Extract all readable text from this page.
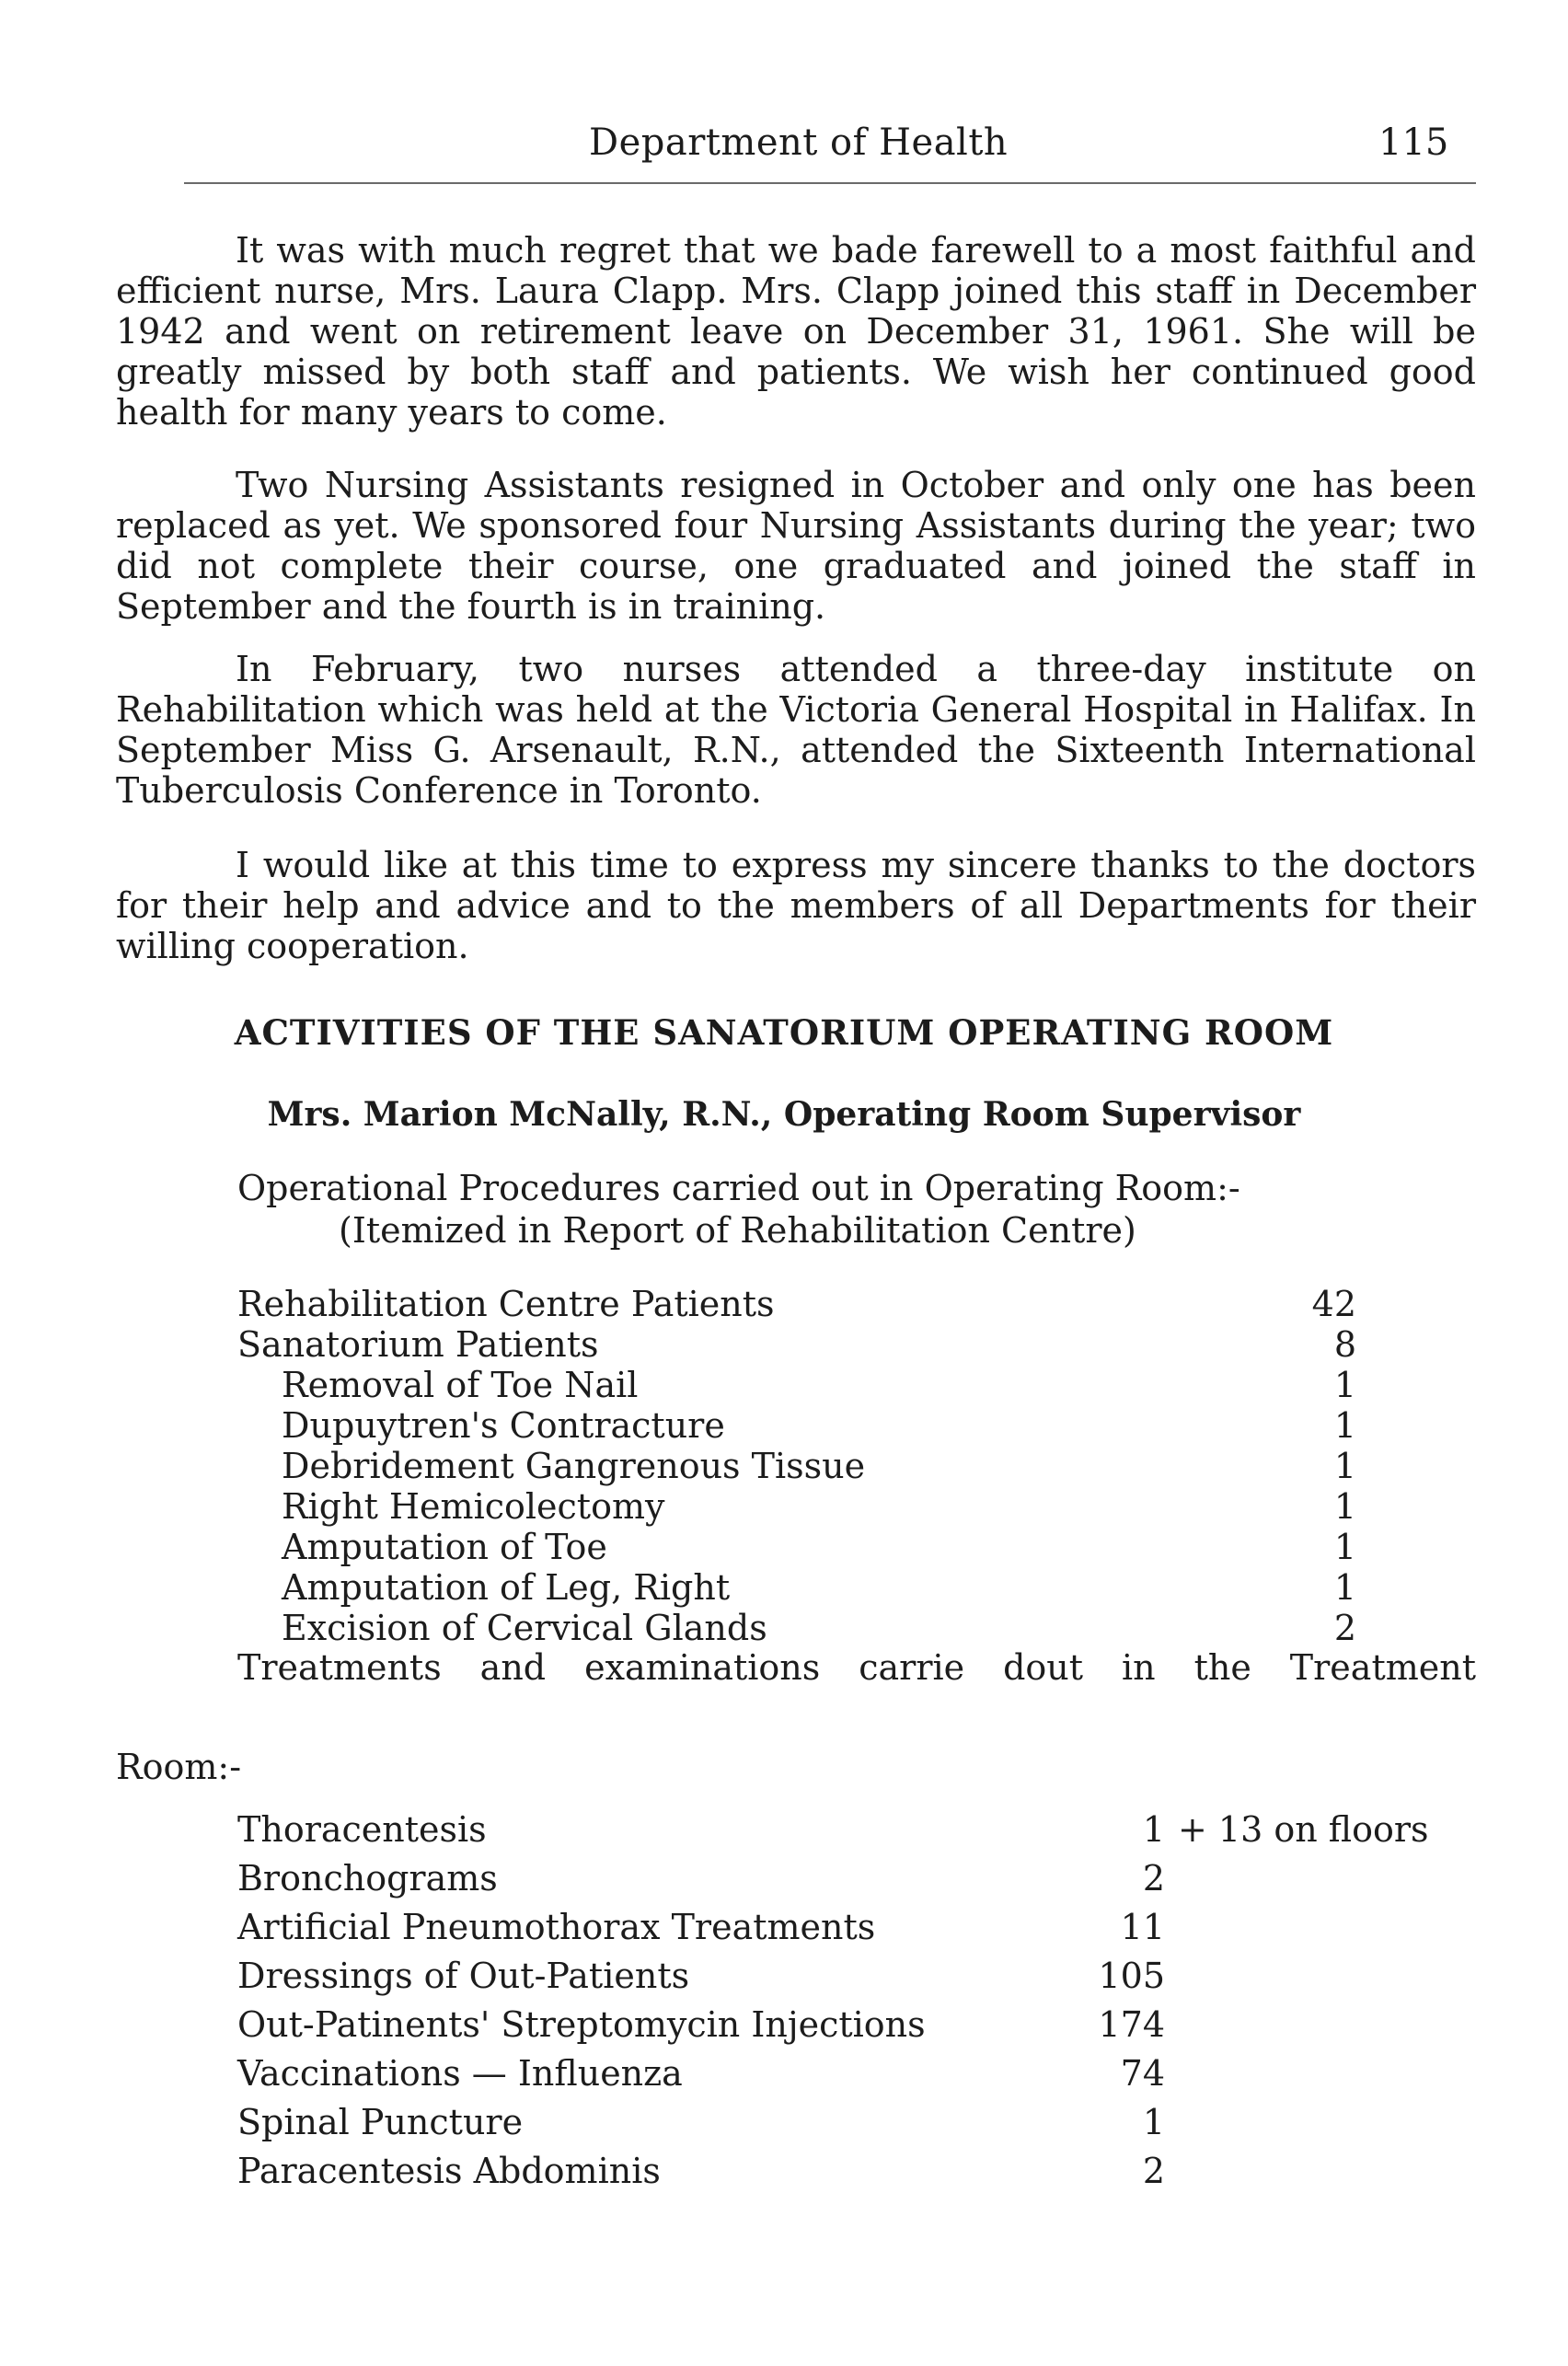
Department of Health	115

It was with much regret that we bade farewell to a most faithful and efficient nurse, Mrs. Laura Clapp. Mrs. Clapp joined this staff in December 1942 and went on retirement leave on December 31, 1961. She will be greatly missed by both staff and patients. We wish her continued good health for many years to come.

Two Nursing Assistants resigned in October and only one has been replaced as yet. We sponsored four Nursing Assistants during the year; two did not complete their course, one graduated and joined the staff in September and the fourth is in training.

In February, two nurses attended a three-day institute on Rehabilitation which was held at the Victoria General Hospital in Halifax. In September Miss G. Arsenault, R.N., attended the Sixteenth International Tuberculosis Conference in Toronto.

I would like at this time to express my sincere thanks to the doctors for their help and advice and to the members of all Departments for their willing cooperation.

ACTIVITIES OF THE SANATORIUM OPERATING ROOM
Mrs. Marion McNally, R.N., Operating Room Supervisor
Operational Procedures carried out in Operating Room:-
(Itemized in Report of Rehabilitation Centre)
Rehabilitation Centre Patients	42
Sanatorium Patients	8
Removal of Toe Nail	1
Dupuytren's Contracture	1
Debridement Gangrenous Tissue	1
Right Hemicolectomy	1
Amputation of Toe	1
Amputation of Leg, Right	1
Excision of Cervical Glands	2
Treatments and examinations carrie dout in the Treatment
Room:-
Thoracentesis	1 + 13 on floors
Bronchograms	2
Artificial Pneumothorax Treatments	11
Dressings of Out-Patients	105
Out-Patinents' Streptomycin Injections	174
Vaccinations — Influenza	74
Spinal Puncture	1
Paracentesis Abdominis	2
